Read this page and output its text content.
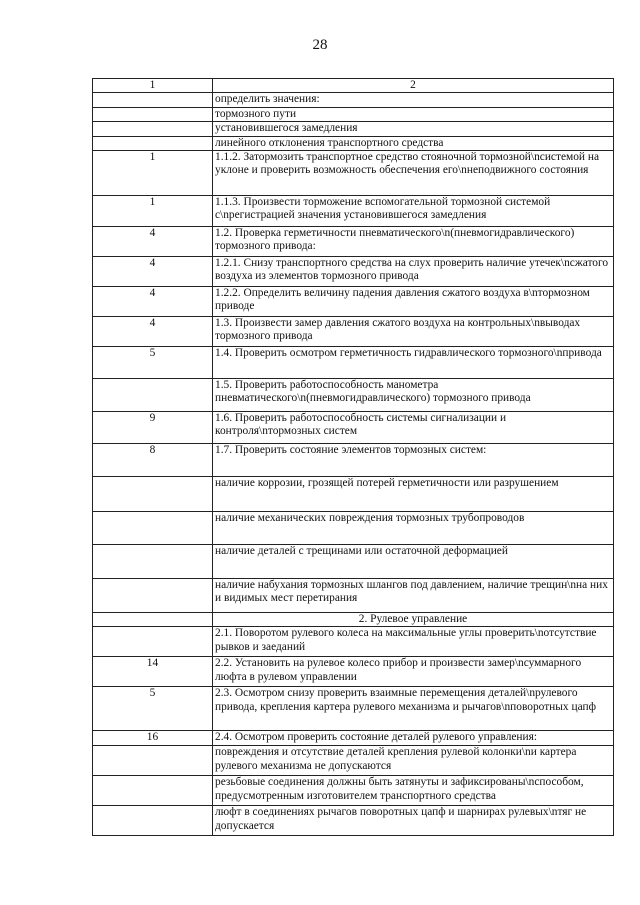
28
1	2
	определить значения:
	тормозного пути
	установившегося замедления
	линейного отклонения транспортного средства
1	1.1.2. Затормозить транспортное средство стояночной тормозной\nсистемой на уклоне и проверить возможность обеспечения его\nнеподвижного состояния
1	1.1.3. Произвести торможение вспомогательной тормозной системой с\nрегистрацией значения установившегося замедления
4	1.2. Проверка герметичности пневматического\n(пневмогидравлического) тормозного привода:
4	1.2.1. Снизу транспортного средства на слух проверить наличие утечек\nсжатого воздуха из элементов тормозного привода
4	1.2.2. Определить величину падения давления сжатого воздуха в\nтормозном приводе
4	1.3. Произвести замер давления сжатого воздуха на контрольных\nвыводах тормозного привода
5	1.4. Проверить осмотром герметичность гидравлического тормозного\nпривода
	1.5. Проверить работоспособность манометра пневматического\n(пневмогидравлического) тормозного привода
9	1.6. Проверить работоспособность системы сигнализации и контроля\nтормозных систем
8	1.7. Проверить состояние элементов тормозных систем:
	наличие коррозии, грозящей потерей герметичности или разрушением
	наличие механических повреждения тормозных трубопроводов
	наличие деталей с трещинами или остаточной деформацией
	наличие набухания тормозных шлангов под давлением, наличие трещин\nна них и видимых мест перетирания
	2. Рулевое управление
	2.1. Поворотом рулевого колеса на максимальные углы проверить\nотсутствие рывков и заеданий
14	2.2. Установить на рулевое колесо прибор и произвести замер\nсуммарного люфта в рулевом управлении
5	2.3. Осмотром снизу проверить взаимные перемещения деталей\nрулевого привода, крепления картера рулевого механизма и рычагов\nповоротных цапф
16	2.4. Осмотром проверить состояние деталей рулевого управления:
	повреждения и отсутствие деталей крепления рулевой колонки\nи картера рулевого механизма не допускаются
	резьбовые соединения должны быть затянуты и зафиксированы\nспособом, предусмотренным изготовителем транспортного средства
	люфт в соединениях рычагов поворотных цапф и шарнирах рулевых\nтяг не допускается
